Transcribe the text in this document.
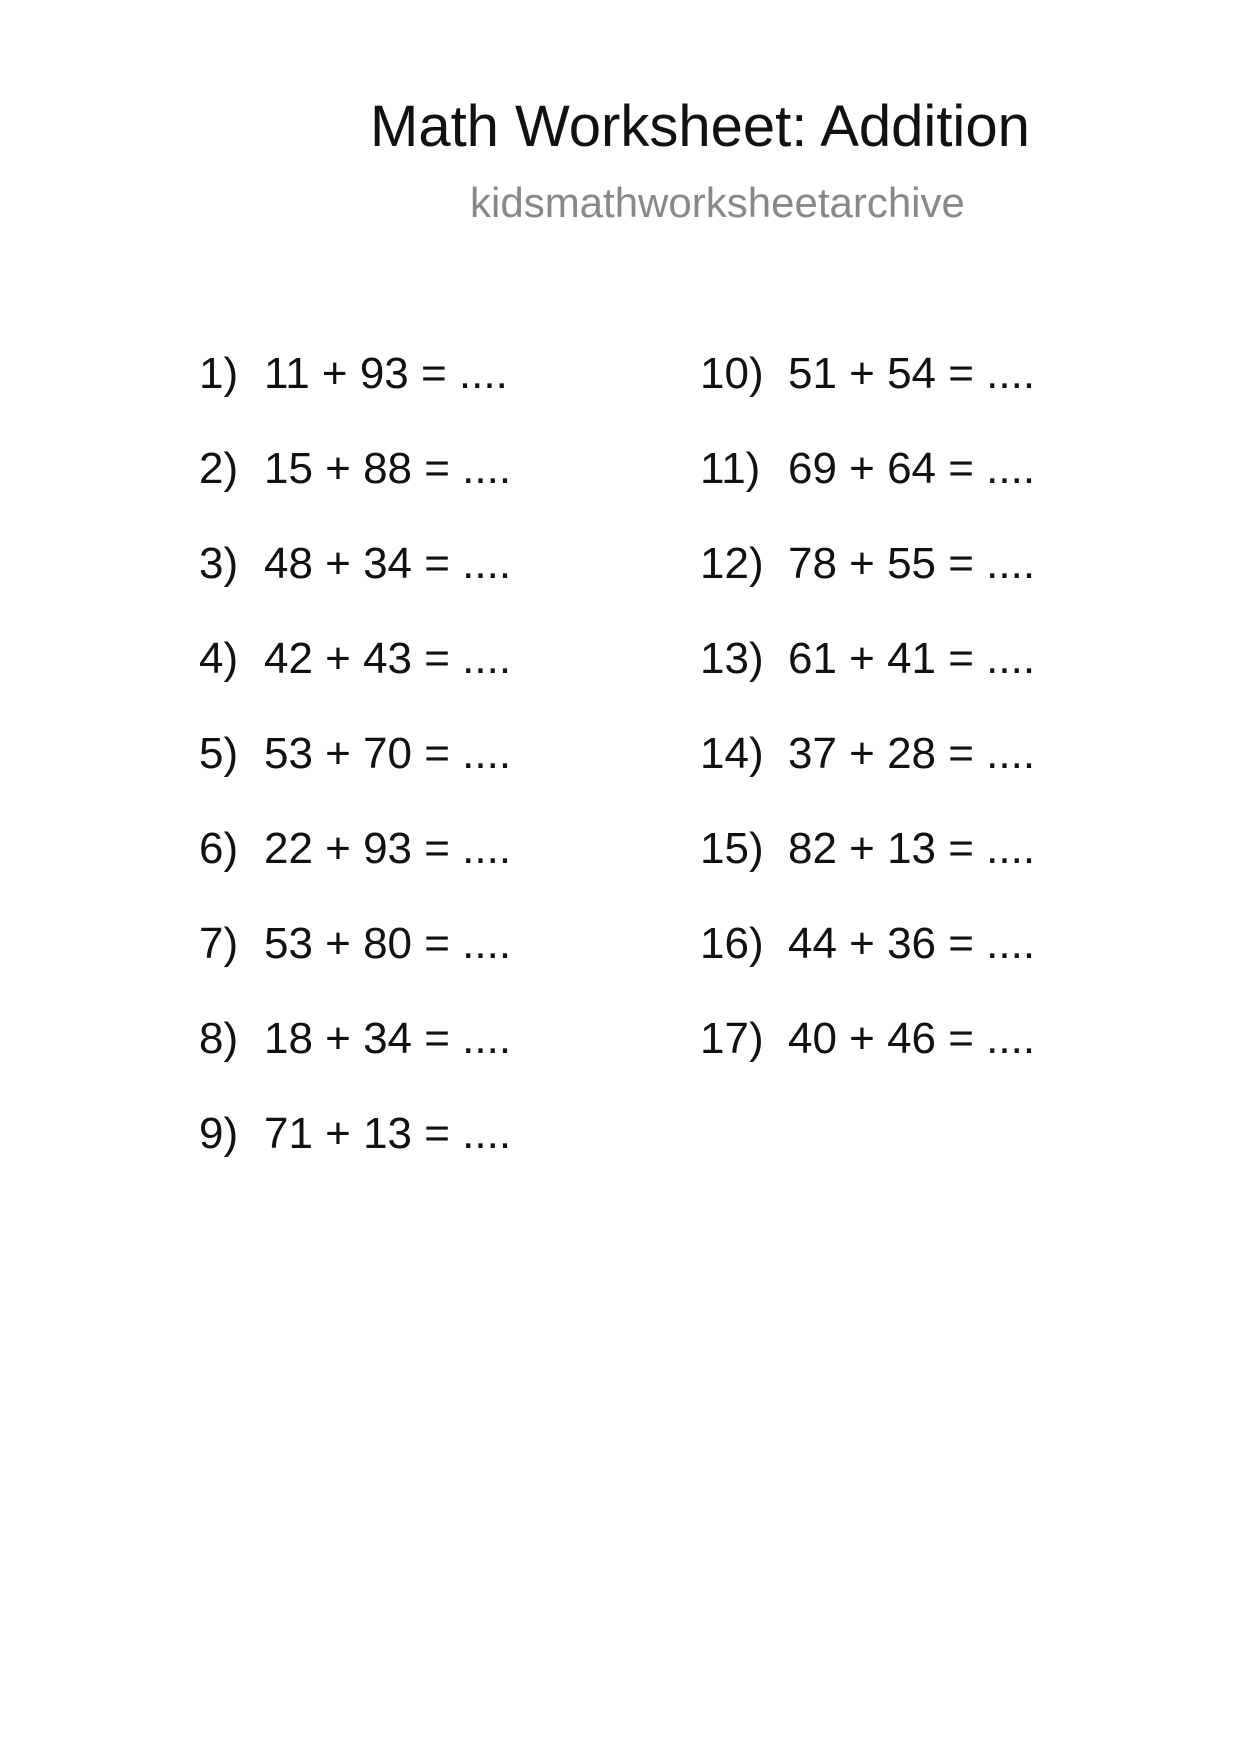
Math Worksheet: Addition
kidsmathworksheetarchive
1) 11 + 93 = ....
2) 15 + 88 = ....
3) 48 + 34 = ....
4) 42 + 43 = ....
5) 53 + 70 = ....
6) 22 + 93 = ....
7) 53 + 80 = ....
8) 18 + 34 = ....
9) 71 + 13 = ....
10) 51 + 54 = ....
11) 69 + 64 = ....
12) 78 + 55 = ....
13) 61 + 41 = ....
14) 37 + 28 = ....
15) 82 + 13 = ....
16) 44 + 36 = ....
17) 40 + 46 = ....
